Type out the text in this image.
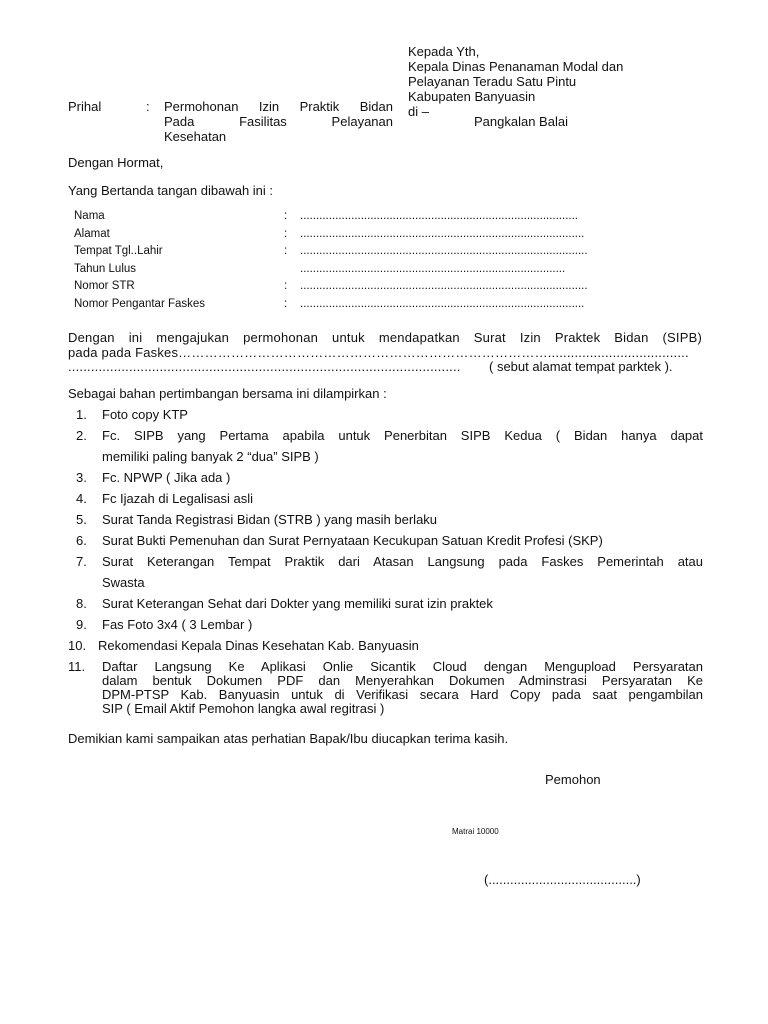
Kepada Yth,
Kepala Dinas Penanaman Modal dan
Pelayanan Teradu Satu Pintu
Kabupaten Banyuasin
di –
Pangkalan Balai
Prihal	: Permohonan Izin Praktik Bidan
Pada Fasilitas Pelayanan
Kesehatan
Dengan Hormat,
Yang Bertanda tangan dibawah ini :
Nama	: .......................................................................................
Alamat	: .........................................................................................
Tempat Tgl..Lahir	: ..........................................................................................
Tahun Lulus	...................................................................................
Nomor STR	: ..........................................................................................
Nomor Pengantar Faskes	: .........................................................................................
Dengan ini mengajukan permohonan untuk mendapatkan Surat Izin Praktek Bidan (SIPB)
pada pada Faskes………………………………………………………………………….....................................
.......................................................................................................	( sebut alamat tempat parktek ).
Sebagai bahan pertimbangan bersama ini dilampirkan :
1. Foto copy KTP
2. Fc. SIPB yang Pertama apabila untuk Penerbitan SIPB Kedua ( Bidan hanya dapat
memiliki paling banyak 2 “dua” SIPB )
3. Fc. NPWP ( Jika ada )
4. Fc Ijazah di Legalisasi asli
5. Surat Tanda Registrasi Bidan (STRB ) yang masih berlaku
6. Surat Bukti Pemenuhan dan Surat Pernyataan Kecukupan Satuan Kredit Profesi (SKP)
7. Surat Keterangan Tempat Praktik dari Atasan Langsung pada Faskes Pemerintah atau
Swasta
8. Surat Keterangan Sehat dari Dokter yang memiliki surat izin praktek
9. Fas Foto 3x4 ( 3 Lembar )
10. Rekomendasi Kepala Dinas Kesehatan Kab. Banyuasin
11. Daftar Langsung Ke Aplikasi Onlie Sicantik Cloud dengan Mengupload Persyaratan
dalam bentuk Dokumen PDF dan Menyerahkan Dokumen Adminstrasi Persyaratan Ke
DPM-PTSP Kab. Banyuasin untuk di Verifikasi secara Hard Copy pada saat pengambilan
SIP ( Email Aktif Pemohon langka awal regitrasi )
Demikian kami sampaikan atas perhatian Bapak/Ibu diucapkan terima kasih.
Pemohon
Matrai 10000
(.........................................)
